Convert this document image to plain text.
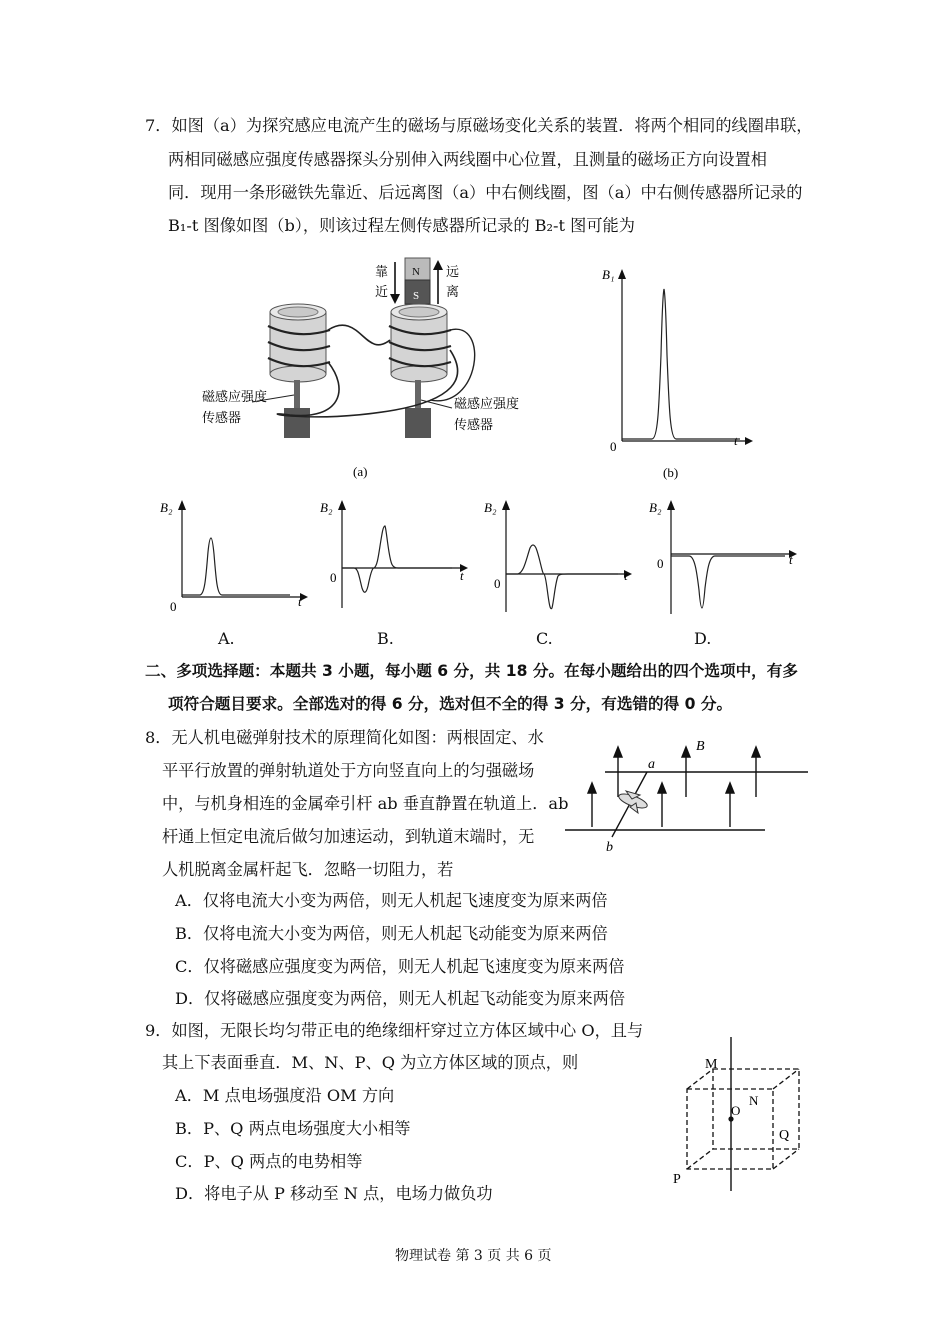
7．如图（a）为探究感应电流产生的磁场与原磁场变化关系的装置．将两个相同的线圈串联，
两相同磁感应强度传感器探头分别伸入两线圈中心位置，且测量的磁场正方向设置相
同．现用一条形磁铁先靠近、后远离图（a）中右侧线圈，图（a）中右侧传感器所记录的
B₁-t 图像如图（b），则该过程左侧传感器所记录的 B₂-t 图可能为
靠
近
远
离
N
S
磁感应强度
传感器
磁感应强度
传感器
(a)
B₁
t
0
(b)
B₂
t
0
A.
B₂
t
0
B.
B₂
t
0
C.
B₂
t
0
D.
二、多项选择题：本题共 3 小题，每小题 6 分，共 18 分。在每小题给出的四个选项中，有多
项符合题目要求。全部选对的得 6 分，选对但不全的得 3 分，有选错的得 0 分。
8．无人机电磁弹射技术的原理简化如图：两根固定、水
平平行放置的弹射轨道处于方向竖直向上的匀强磁场
中，与机身相连的金属牵引杆 ab 垂直静置在轨道上．ab
杆通上恒定电流后做匀加速运动，到轨道末端时，无
人机脱离金属杆起飞．忽略一切阻力，若
A．仅将电流大小变为两倍，则无人机起飞速度变为原来两倍
B．仅将电流大小变为两倍，则无人机起飞动能变为原来两倍
C．仅将磁感应强度变为两倍，则无人机起飞速度变为原来两倍
D．仅将磁感应强度变为两倍，则无人机起飞动能变为原来两倍
B
a
b
9．如图，无限长均匀带正电的绝缘细杆穿过立方体区域中心 O，且与
其上下表面垂直．M、N、P、Q 为立方体区域的顶点，则
A．M 点电场强度沿 OM 方向
B．P、Q 两点电场强度大小相等
C．P、Q 两点的电势相等
D．将电子从 P 移动至 N 点，电场力做负功
M
O
N
P
Q
物理试卷 第 3 页 共 6 页
